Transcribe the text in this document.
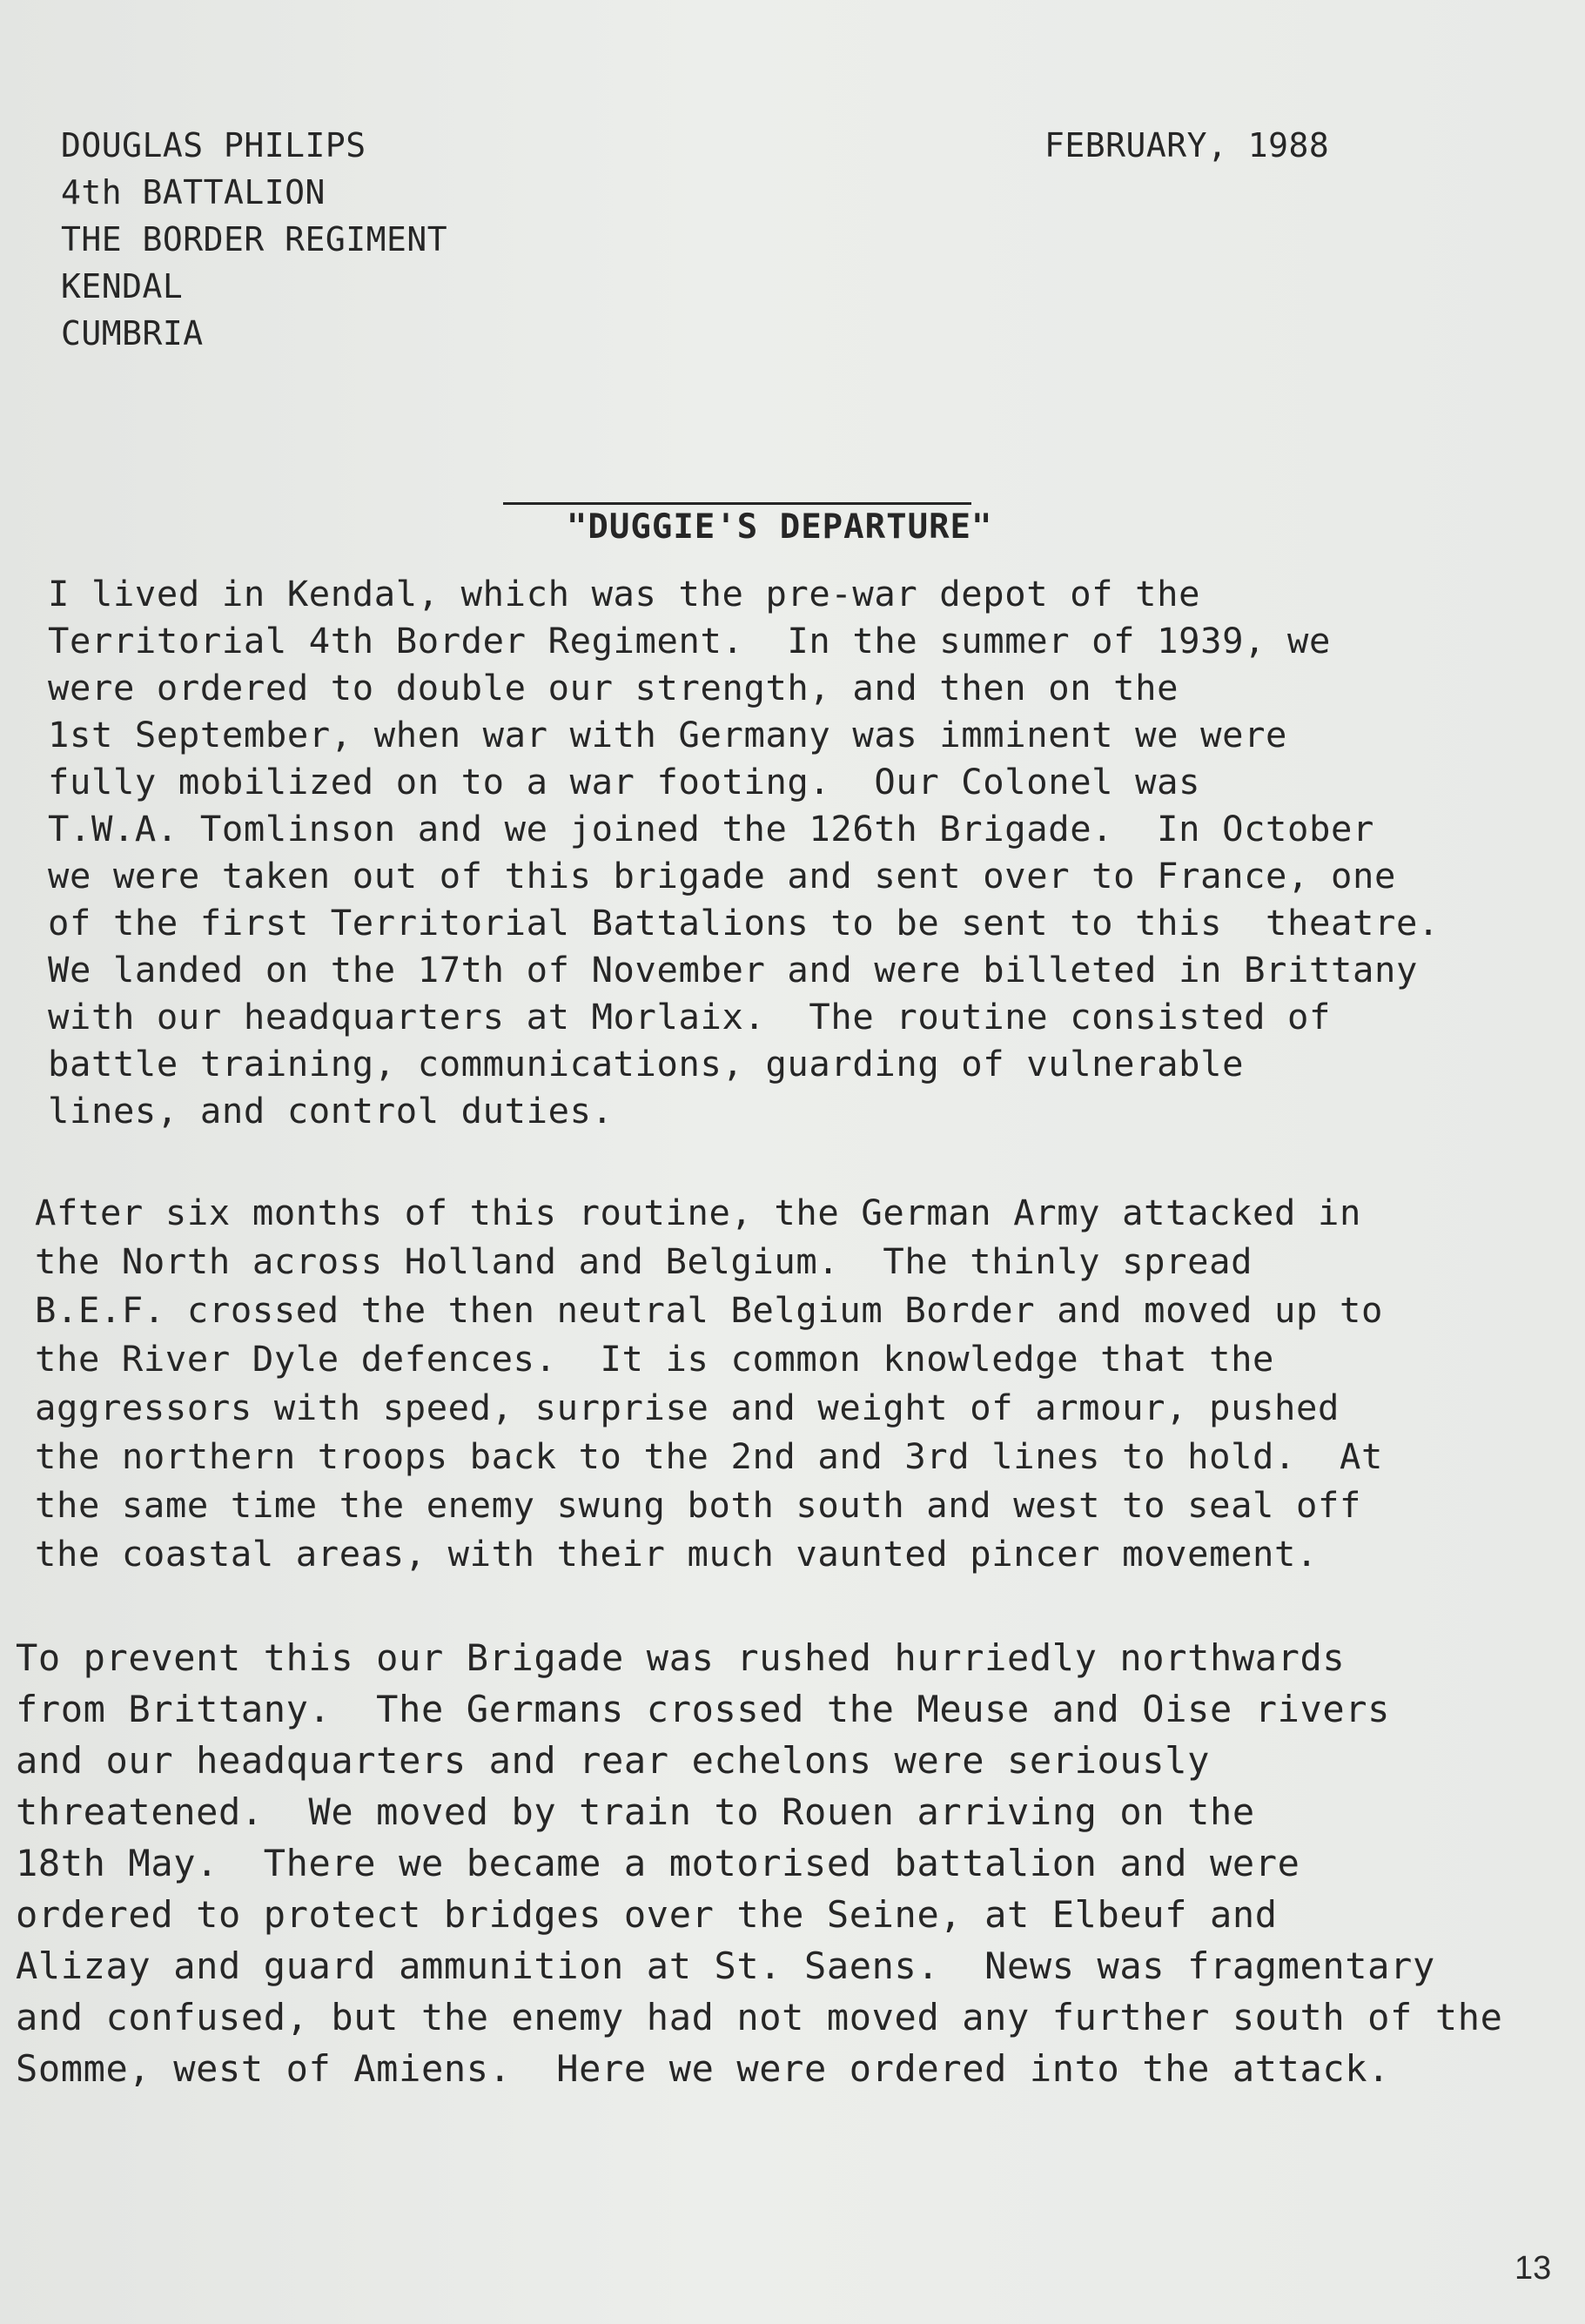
DOUGLAS PHILIPS
4th BATTALION
THE BORDER REGIMENT
KENDAL
CUMBRIA
FEBRUARY, 1988

"DUGGIE'S DEPARTURE"

I lived in Kendal, which was the pre-war depot of the
Territorial 4th Border Regiment.  In the summer of 1939, we
were ordered to double our strength, and then on the
1st September, when war with Germany was imminent we were
fully mobilized on to a war footing.  Our Colonel was
T.W.A. Tomlinson and we joined the 126th Brigade.  In October
we were taken out of this brigade and sent over to France, one
of the first Territorial Battalions to be sent to this  theatre.
We landed on the 17th of November and were billeted in Brittany
with our headquarters at Morlaix.  The routine consisted of
battle training, communications, guarding of vulnerable
lines, and control duties.
After six months of this routine, the German Army attacked in
the North across Holland and Belgium.  The thinly spread
B.E.F. crossed the then neutral Belgium Border and moved up to
the River Dyle defences.  It is common knowledge that the
aggressors with speed, surprise and weight of armour, pushed
the northern troops back to the 2nd and 3rd lines to hold.  At
the same time the enemy swung both south and west to seal off
the coastal areas, with their much vaunted pincer movement.
To prevent this our Brigade was rushed hurriedly northwards
from Brittany.  The Germans crossed the Meuse and Oise rivers
and our headquarters and rear echelons were seriously
threatened.  We moved by train to Rouen arriving on the
18th May.  There we became a motorised battalion and were
ordered to protect bridges over the Seine, at Elbeuf and
Alizay and guard ammunition at St. Saens.  News was fragmentary
and confused, but the enemy had not moved any further south of the
Somme, west of Amiens.  Here we were ordered into the attack.
13
